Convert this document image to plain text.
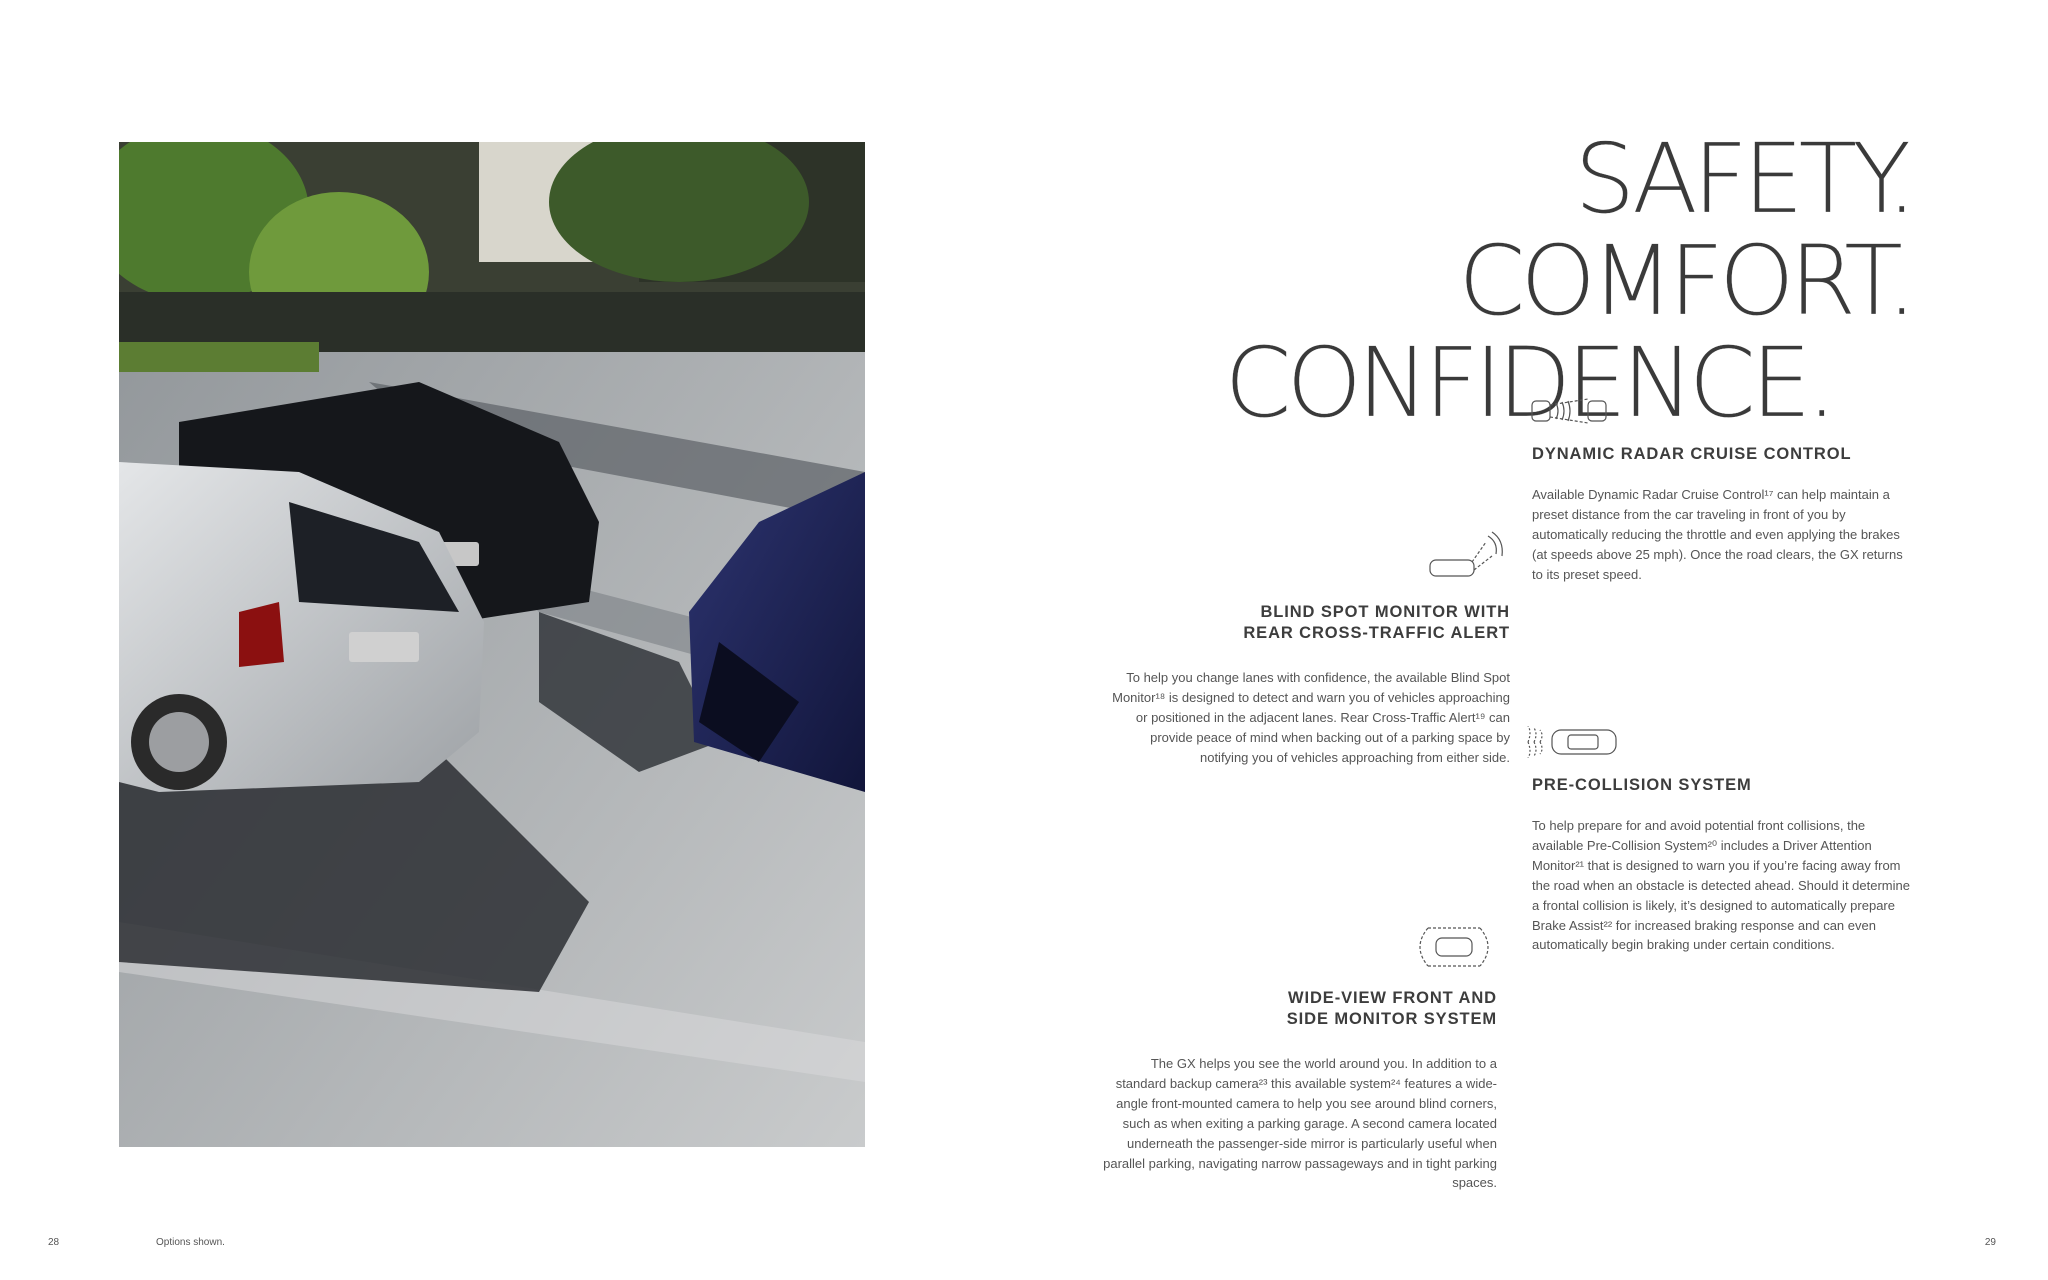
SAFETY. COMFORT.
CONFIDENCE.
DYNAMIC RADAR CRUISE CONTROL

Available Dynamic Radar Cruise Control¹⁷ can help maintain a preset distance from the car traveling in front of you by automatically reducing the throttle and even applying the brakes (at speeds above 25 mph). Once the road clears, the GX returns to its preset speed.

BLIND SPOT MONITOR WITH
REAR CROSS-TRAFFIC ALERT

To help you change lanes with confidence, the available Blind Spot Monitor¹⁸ is designed to detect and warn you of vehicles approaching or positioned in the adjacent lanes. Rear Cross-Traffic Alert¹⁹ can provide peace of mind when backing out of a parking space by notifying you of vehicles approaching from either side.

PRE-COLLISION SYSTEM

To help prepare for and avoid potential front collisions, the available Pre-Collision System²⁰ includes a Driver Attention Monitor²¹ that is designed to warn you if you’re facing away from the road when an obstacle is detected ahead. Should it determine a frontal collision is likely, it’s designed to automatically prepare Brake Assist²² for increased braking response and can even automatically begin braking under certain conditions.

WIDE-VIEW FRONT AND
SIDE MONITOR SYSTEM

The GX helps you see the world around you. In addition to a standard backup camera²³ this available system²⁴ features a wide-angle front-mounted camera to help you see around blind corners, such as when exiting a parking garage. A second camera located underneath the passenger-side mirror is particularly useful when parallel parking, navigating narrow passageways and in tight parking spaces.

28	Options shown.	29
